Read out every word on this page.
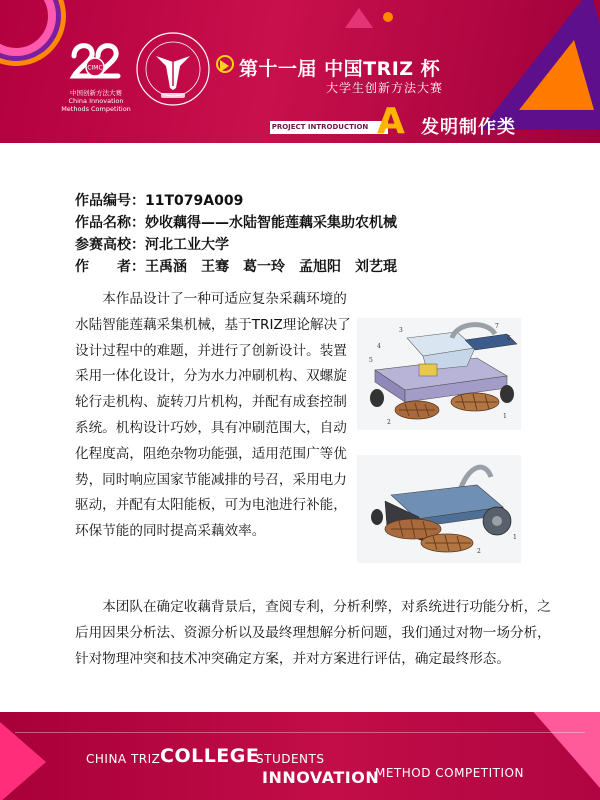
CIMC
中国创新方法大赛
China Innovation
Methods Competition
第十一届 中国TRIZ 杯
大学生创新方法大赛
PROJECT INTRODUCTION A 发明制作类
作品编号：11T079A009
作品名称：妙收藕得——水陆智能莲藕采集助农机械
参赛高校：河北工业大学
作　　者：王禹涵　王骞　葛一玲　孟旭阳　刘艺琨

本作品设计了一种可适应复杂采藕环境的水陆智能莲藕采集机械，基于TRIZ理论解决了设计过程中的难题，并进行了创新设计。装置采用一体化设计，分为水力冲刷机构、双螺旋轮行走机构、旋转刀片机构，并配有成套控制系统。机构设计巧妙，具有冲刷范围大，自动化程度高，阻绝杂物功能强，适用范围广等优势，同时响应国家节能减排的号召，采用电力驱动，并配有太阳能板，可为电池进行补能，环保节能的同时提高采藕效率。

3
7
6
4
5
2
1
2
1

本团队在确定收藕背景后，查阅专利，分析利弊，对系统进行功能分析，之后用因果分析法、资源分析以及最终理想解分析问题，我们通过对物一场分析，针对物理冲突和技术冲突确定方案，并对方案进行评估，确定最终形态。

CHINA TRIZ COLLEGE
STUDENTS
INNOVATION
METHOD COMPETITION
